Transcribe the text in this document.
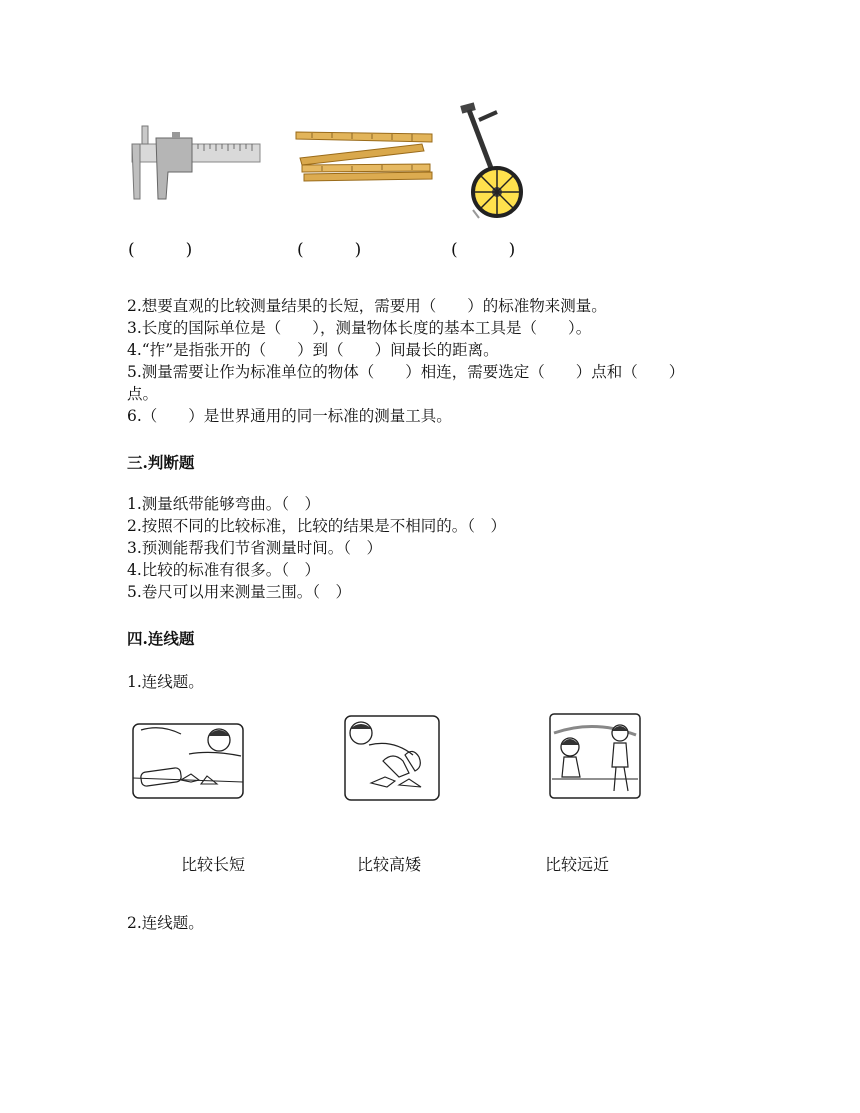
(　　　)	(　　　)	(　　　)
2.想要直观的比较测量结果的长短，需要用（　　）的标准物来测量。
3.长度的国际单位是（　　），测量物体长度的基本工具是（　　）。
4.“拃”是指张开的（　　）到（　　）间最长的距离。
5.测量需要让作为标准单位的物体（　　）相连，需要选定（　　）点和（　　）
点。
6.（　　）是世界通用的同一标准的测量工具。
三.判断题
1.测量纸带能够弯曲。（　）
2.按照不同的比较标准，比较的结果是不相同的。（　）
3.预测能帮我们节省测量时间。（　）
4.比较的标准有很多。（　）
5.卷尺可以用来测量三围。（　）
四.连线题
1.连线题。
比较长短	比较高矮	比较远近
2.连线题。
